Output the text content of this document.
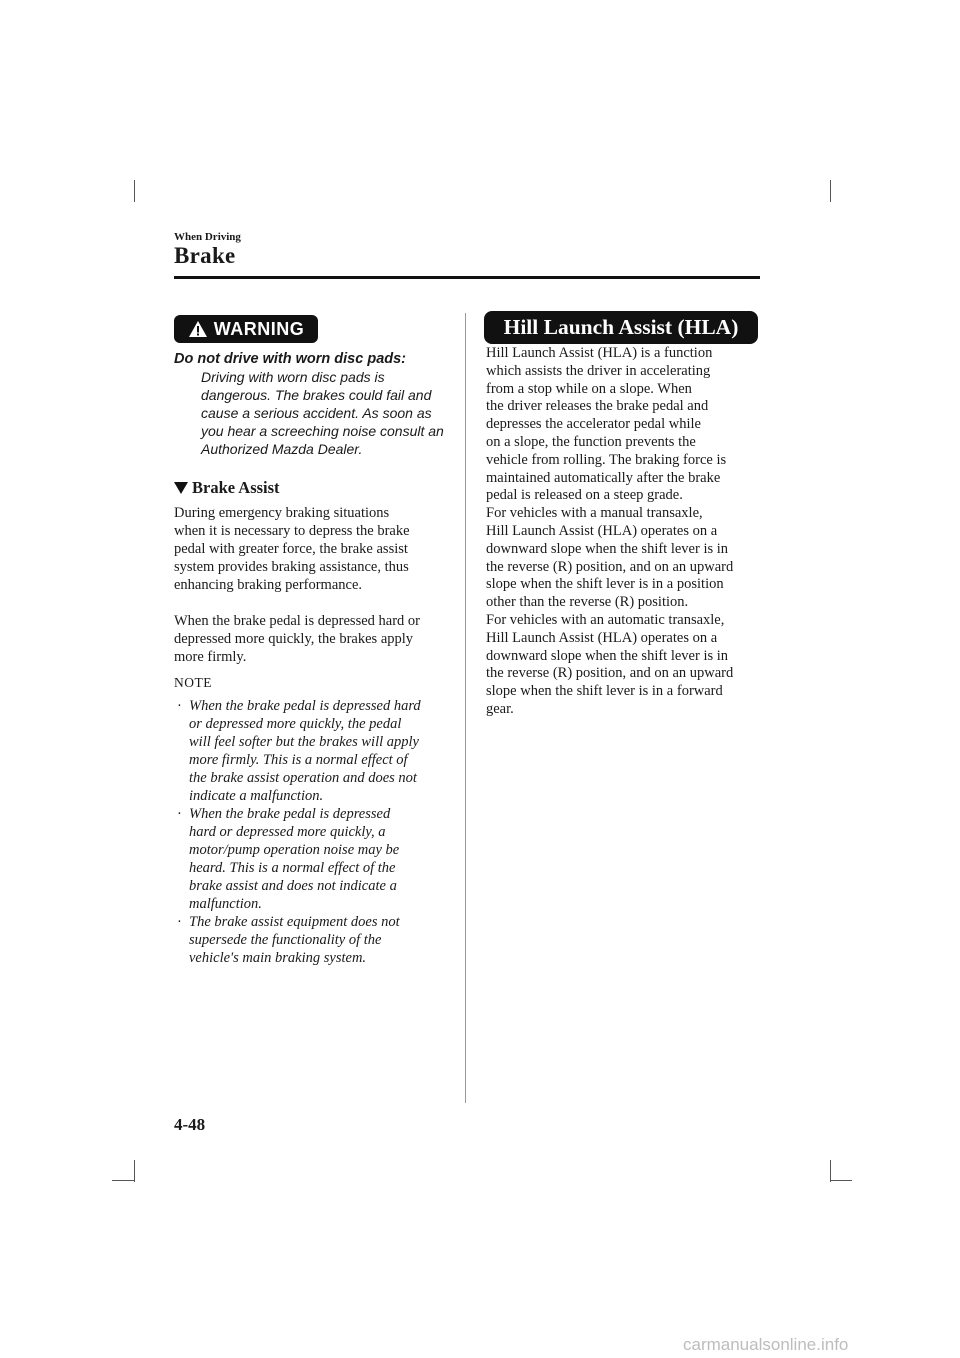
When Driving
Brake
WARNING
Do not drive with worn disc pads:

Driving with worn disc pads is
dangerous. The brakes could fail and
cause a serious accident. As soon as
you hear a screeching noise consult an
Authorized Mazda Dealer.

Brake Assist

During emergency braking situations
when it is necessary to depress the brake
pedal with greater force, the brake assist
system provides braking assistance, thus
enhancing braking performance.

When the brake pedal is depressed hard or
depressed more quickly, the brakes apply
more firmly.

NOTE
· When the brake pedal is depressed hard
or depressed more quickly, the pedal
will feel softer but the brakes will apply
more firmly. This is a normal effect of
the brake assist operation and does not
indicate a malfunction.
· When the brake pedal is depressed
hard or depressed more quickly, a
motor/pump operation noise may be
heard. This is a normal effect of the
brake assist and does not indicate a
malfunction.
· The brake assist equipment does not
supersede the functionality of the
vehicle's main braking system.
Hill Launch Assist (HLA)

Hill Launch Assist (HLA) is a function
which assists the driver in accelerating
from a stop while on a slope. When
the driver releases the brake pedal and
depresses the accelerator pedal while
on a slope, the function prevents the
vehicle from rolling. The braking force is
maintained automatically after the brake
pedal is released on a steep grade.
For vehicles with a manual transaxle,
Hill Launch Assist (HLA) operates on a
downward slope when the shift lever is in
the reverse (R) position, and on an upward
slope when the shift lever is in a position
other than the reverse (R) position.
For vehicles with an automatic transaxle,
Hill Launch Assist (HLA) operates on a
downward slope when the shift lever is in
the reverse (R) position, and on an upward
slope when the shift lever is in a forward
gear.

4-48
carmanualsonline.info
